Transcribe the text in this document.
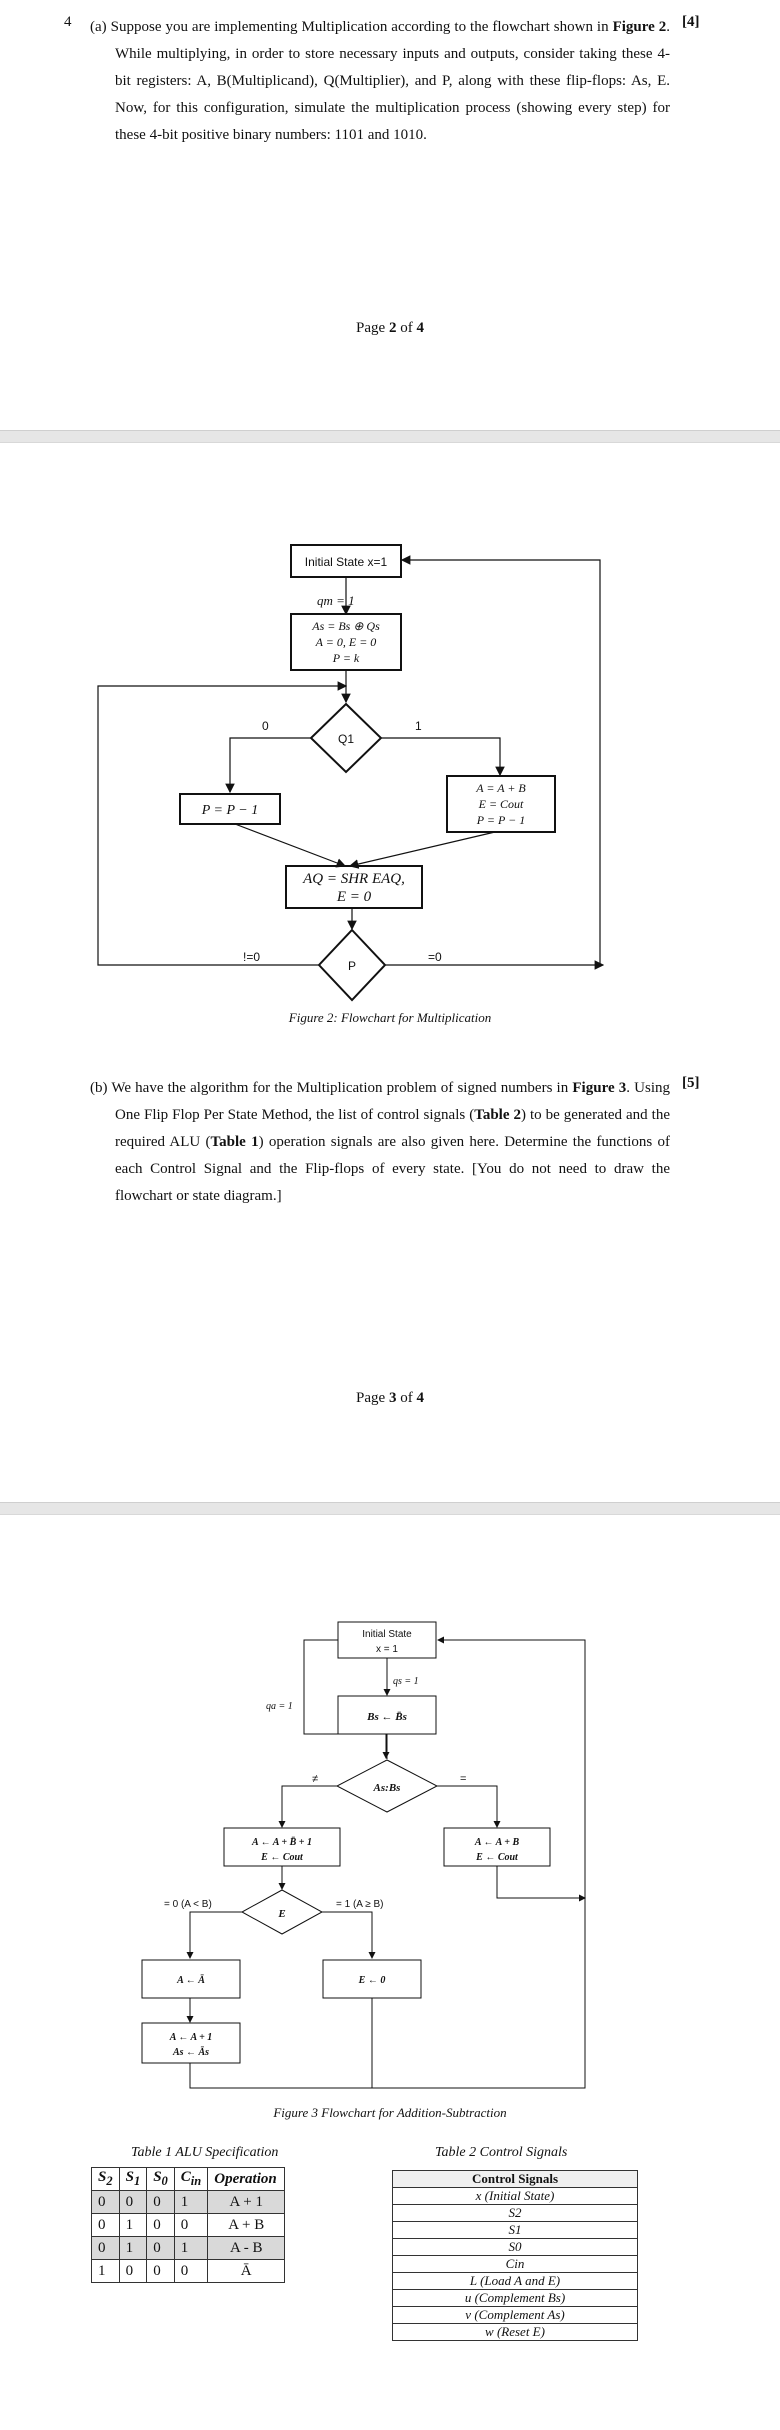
4 (a) Suppose you are implementing Multiplication according to the flowchart shown in Figure 2. While multiplying, in order to store necessary inputs and outputs, consider taking these 4-bit registers: A, B(Multiplicand), Q(Multiplier), and P, along with these flip-flops: As, E. Now, for this configuration, simulate the multiplication process (showing every step) for these 4-bit positive binary numbers: 1101 and 1010.

[4]
Page 2 of 4
Initial State x=1
qm = 1
As = Bs ⊕ Qs
A = 0, E = 0
P = k
Q1
0	1
P = P − 1
A = A + B
E = Cout
P = P − 1
AQ = SHR EAQ,
E = 0
P
!=0	=0
Figure 2: Flowchart for Multiplication

(b) We have the algorithm for the Multiplication problem of signed numbers in Figure 3. Using One Flip Flop Per State Method, the list of control signals (Table 2) to be generated and the required ALU (Table 1) operation signals are also given here. Determine the functions of each Control Signal and the Flip-flops of every state. [You do not need to draw the flowchart or state diagram.]

[5]
Page 3 of 4
Initial State
x = 1
qs = 1
qa = 1
Bs ← B̄s
As:Bs
≠	=
A ← A + B̄ + 1
E ← Cout
A ← A + B
E ← Cout
E
= 0 (A < B)	= 1 (A ≥ B)
A ← Ā	E ← 0
A ← A + 1
As ← Ās
Figure 3 Flowchart for Addition-Subtraction
Table 1 ALU Specification
$S_2$	$S_1$	$S_0$	$C_{in}$	Operation
0	0	0	1	A + 1
0	1	0	0	A + B
0	1	0	1	A - B
1	0	0	0	Ā
Table 2 Control Signals
Control Signals
x (Initial State)
S2
S1
S0
Cin
L (Load A and E)
u (Complement Bs)
v (Complement As)
w (Reset E)
